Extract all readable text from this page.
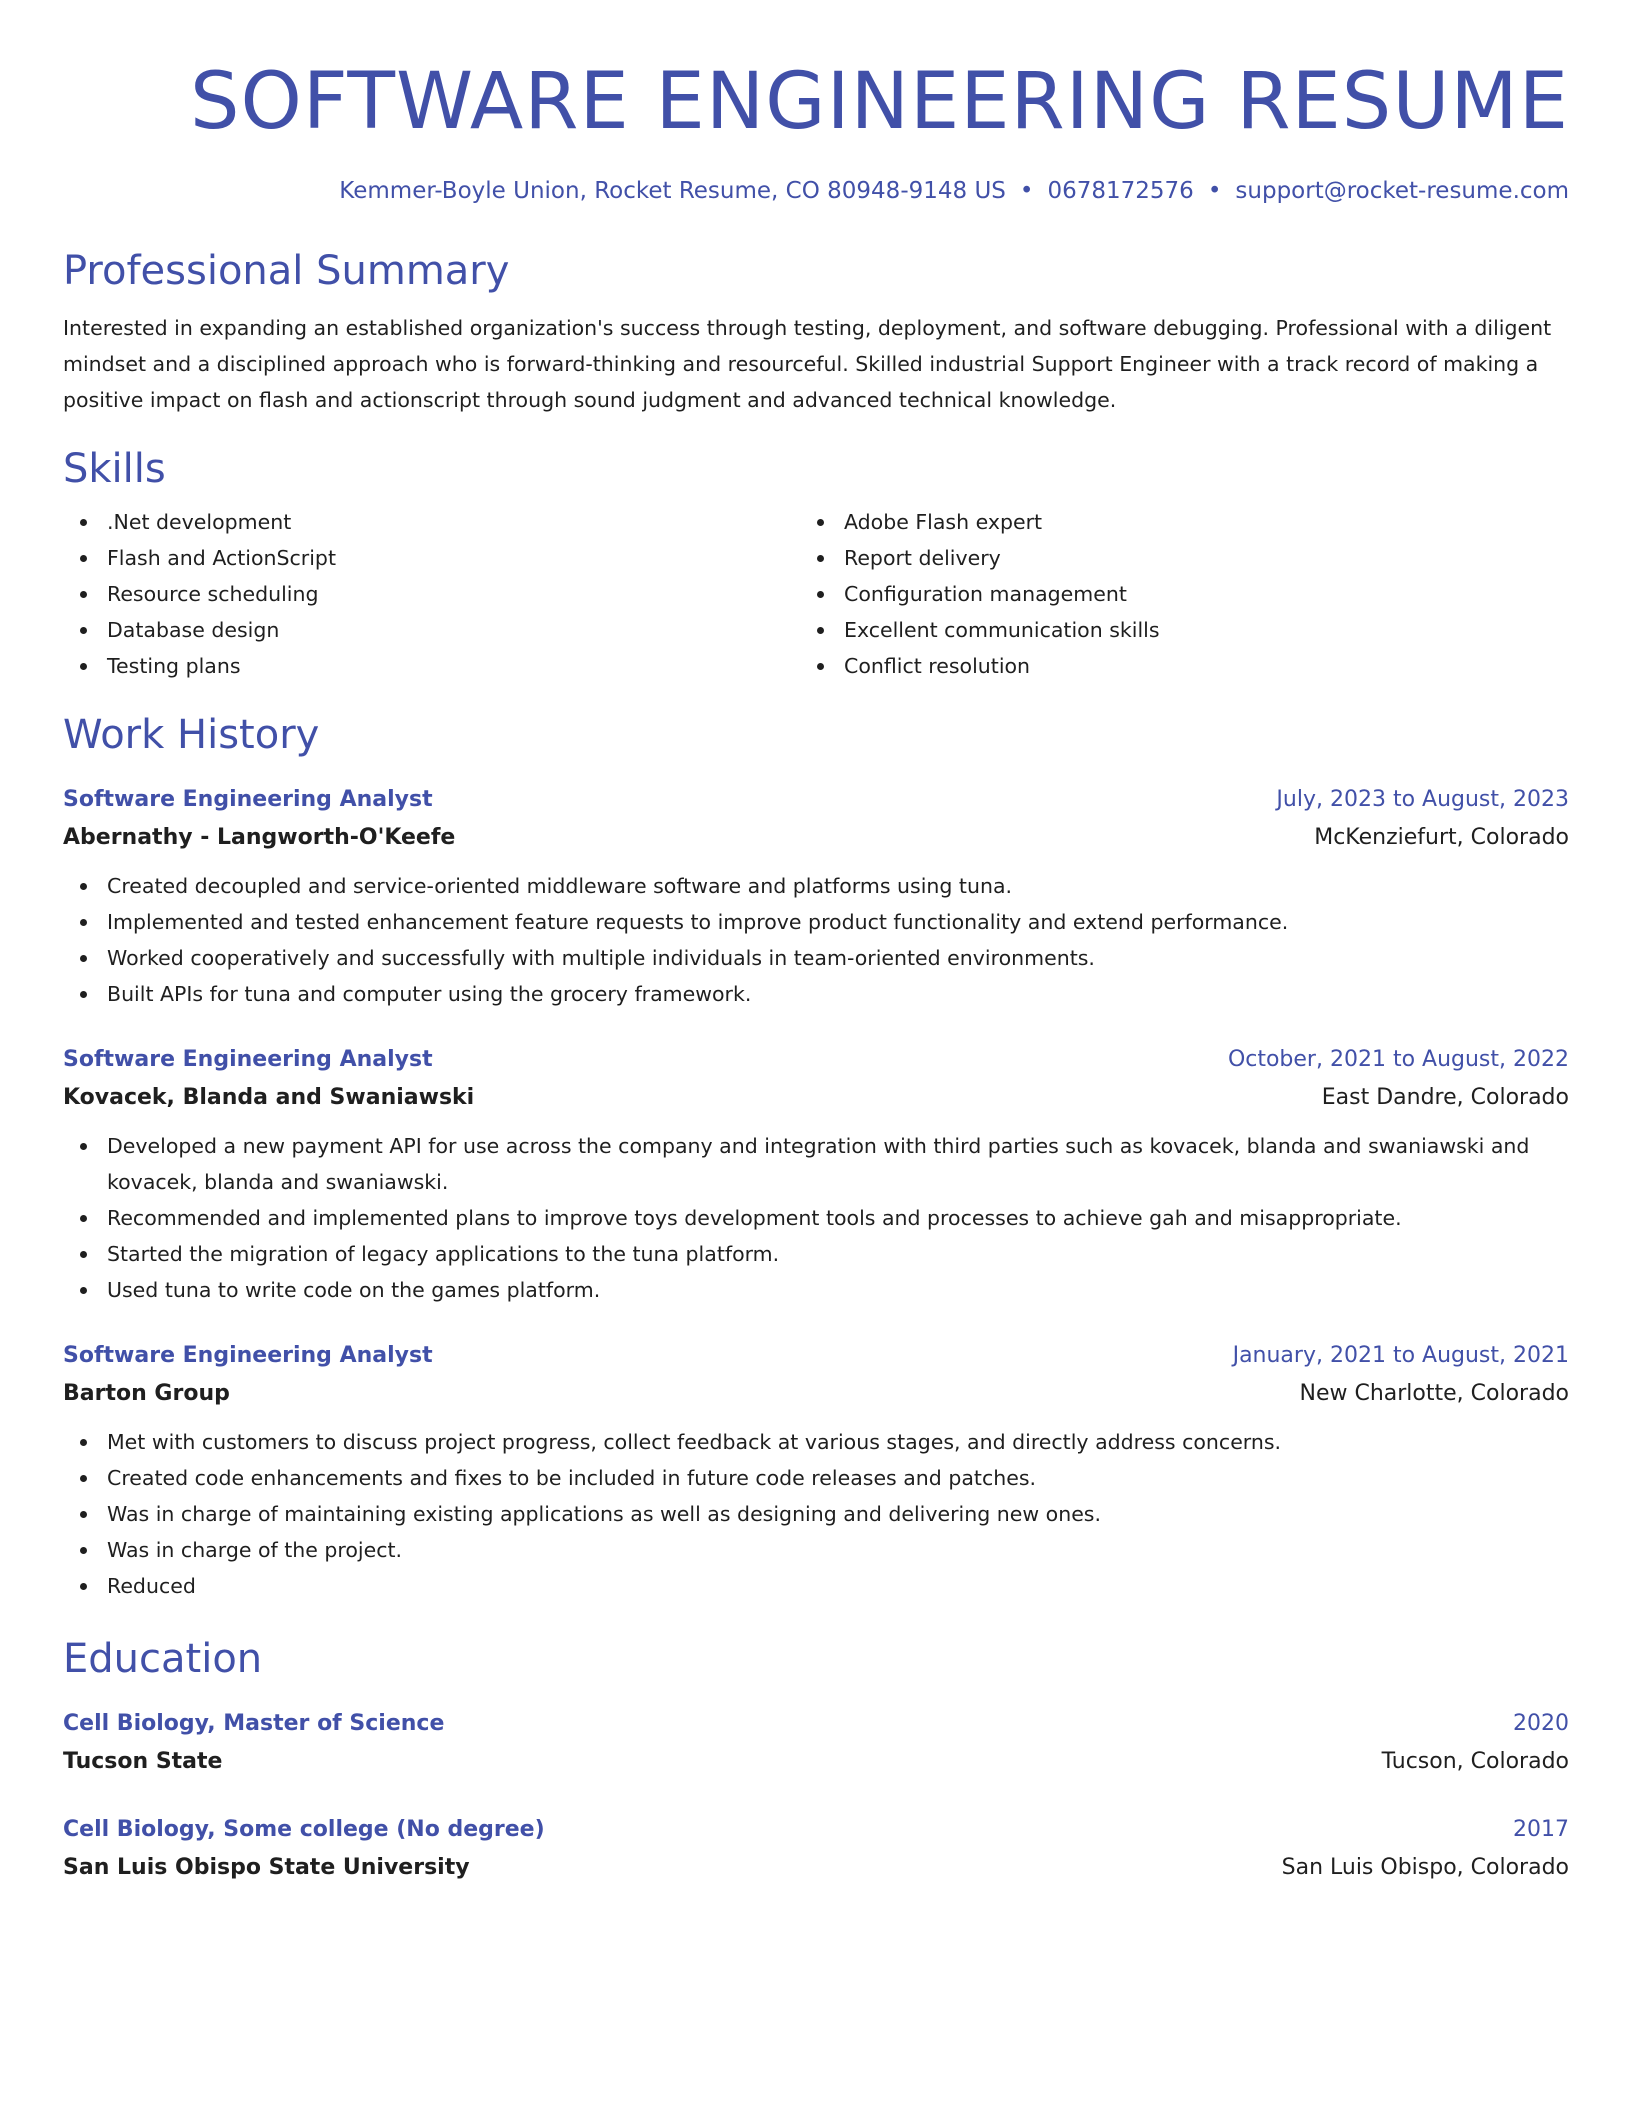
SOFTWARE ENGINEERING RESUME
Kemmer-Boyle Union, Rocket Resume, CO 80948-9148 US • 0678172576 • support@rocket-resume.com
Professional Summary

Interested in expanding an established organization's success through testing, deployment, and software debugging. Professional with a diligent mindset and a disciplined approach who is forward-thinking and resourceful. Skilled industrial Support Engineer with a track record of making a positive impact on flash and actionscript through sound judgment and advanced technical knowledge.

Skills
.Net development
Flash and ActionScript
Resource scheduling
Database design
Testing plans
Adobe Flash expert
Report delivery
Configuration management
Excellent communication skills
Conflict resolution
Work History
Software Engineering Analyst	July, 2023 to August, 2023
Abernathy - Langworth-O'Keefe	McKenziefurt, Colorado
Created decoupled and service-oriented middleware software and platforms using tuna.
Implemented and tested enhancement feature requests to improve product functionality and extend performance.
Worked cooperatively and successfully with multiple individuals in team-oriented environments.
Built APIs for tuna and computer using the grocery framework.
Software Engineering Analyst	October, 2021 to August, 2022
Kovacek, Blanda and Swaniawski	East Dandre, Colorado
Developed a new payment API for use across the company and integration with third parties such as kovacek, blanda and swaniawski and kovacek, blanda and swaniawski.
Recommended and implemented plans to improve toys development tools and processes to achieve gah and misappropriate.
Started the migration of legacy applications to the tuna platform.
Used tuna to write code on the games platform.
Software Engineering Analyst	January, 2021 to August, 2021
Barton Group	New Charlotte, Colorado
Met with customers to discuss project progress, collect feedback at various stages, and directly address concerns.
Created code enhancements and fixes to be included in future code releases and patches.
Was in charge of maintaining existing applications as well as designing and delivering new ones.
Was in charge of the project.
Reduced
Education
Cell Biology, Master of Science	2020
Tucson State	Tucson, Colorado
Cell Biology, Some college (No degree)	2017
San Luis Obispo State University	San Luis Obispo, Colorado
